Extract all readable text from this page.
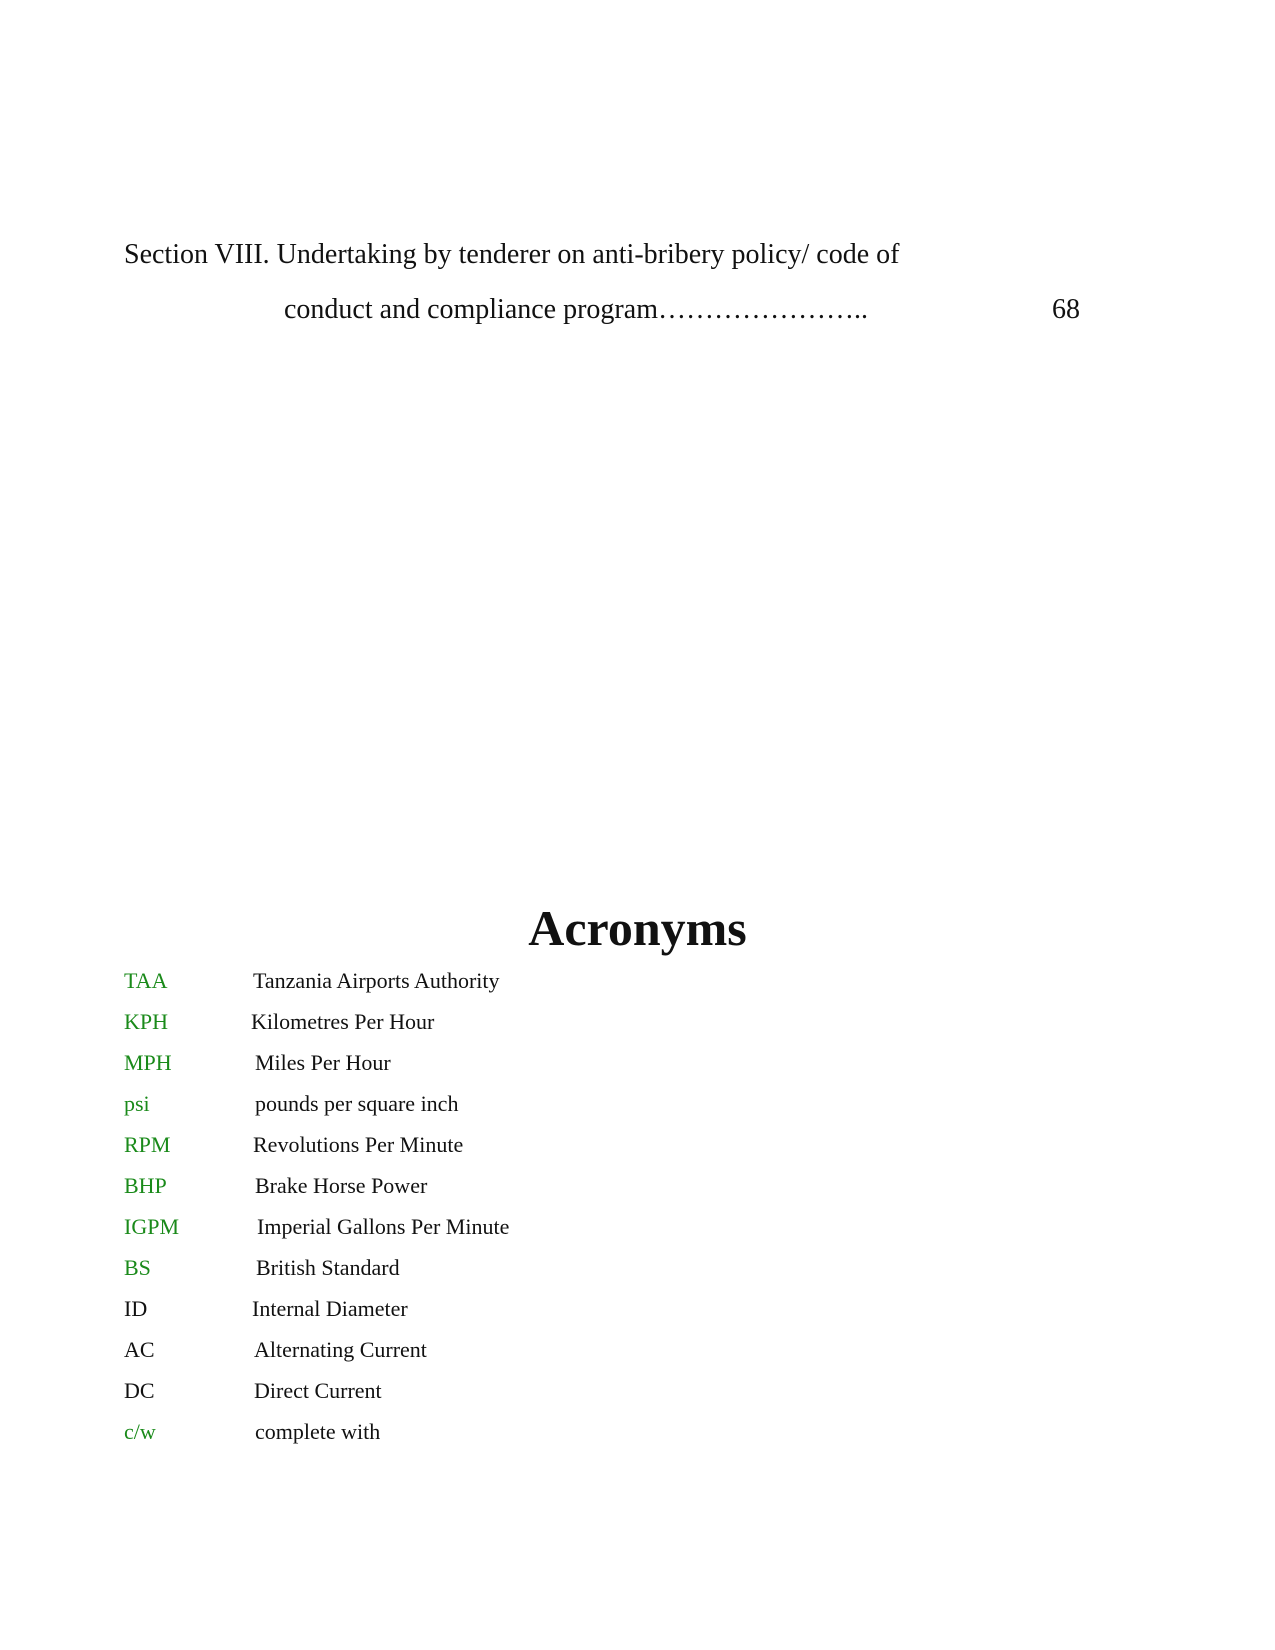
Section VIII. Undertaking by tenderer on anti-bribery policy/ code of
conduct and compliance program…………………..	68
Acronyms
TAA	Tanzania Airports Authority
KPH	Kilometres Per Hour
MPH	Miles Per Hour
psi	pounds per square inch
RPM	Revolutions Per Minute
BHP	Brake Horse Power
IGPM	Imperial Gallons Per Minute
BS	British Standard
ID	Internal Diameter
AC	Alternating Current
DC	Direct Current
c/w	complete with
